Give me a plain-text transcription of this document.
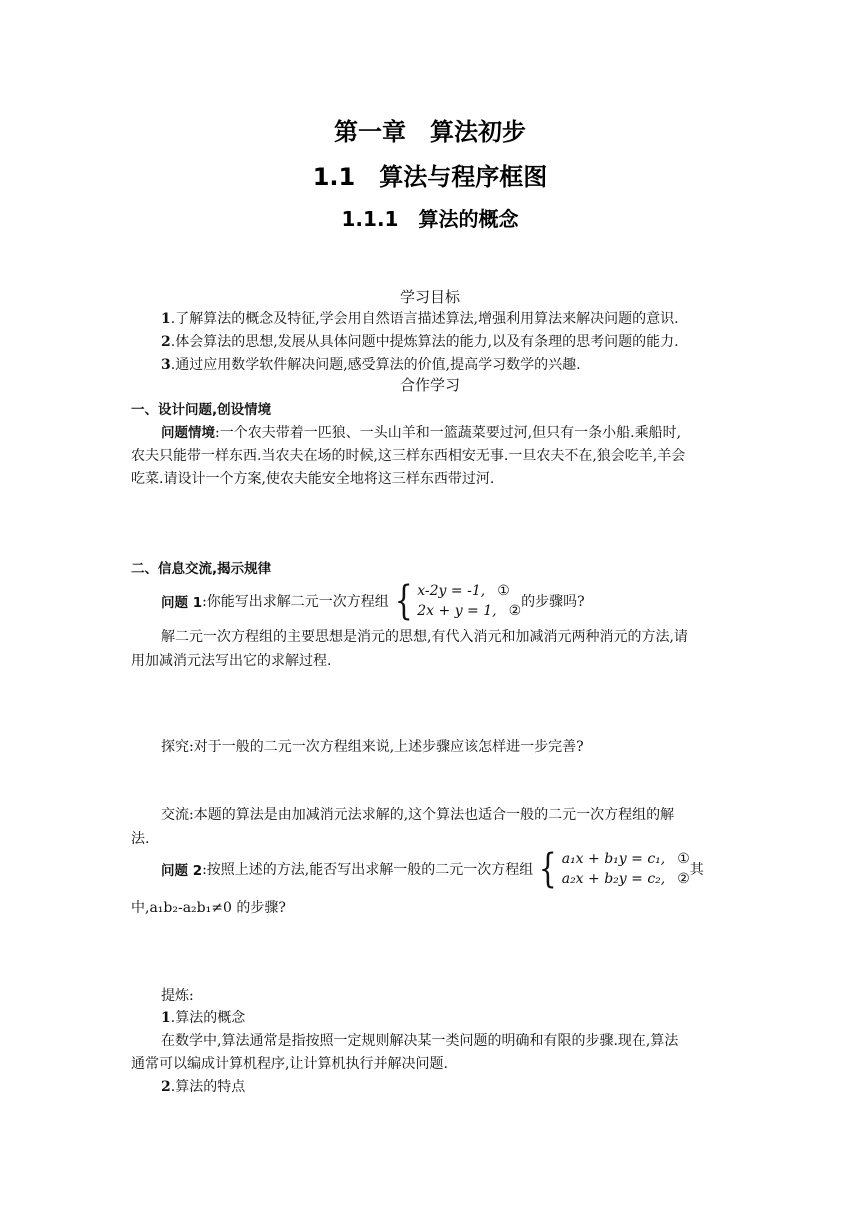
第一章　算法初步
1.1　算法与程序框图
1.1.1　算法的概念
学习目标
1.了解算法的概念及特征,学会用自然语言描述算法,增强利用算法来解决问题的意识.
2.体会算法的思想,发展从具体问题中提炼算法的能力,以及有条理的思考问题的能力.
3.通过应用数学软件解决问题,感受算法的价值,提高学习数学的兴趣.
合作学习
一、设计问题,创设情境
问题情境:一个农夫带着一匹狼、一头山羊和一篮蔬菜要过河,但只有一条小船.乘船时,
农夫只能带一样东西.当农夫在场的时候,这三样东西相安无事.一旦农夫不在,狼会吃羊,羊会
吃菜.请设计一个方案,使农夫能安全地将这三样东西带过河.
二、信息交流,揭示规律
问题 1 :你能写出求解二元一次方程组 { x-2y = -1, ①
2x + y = 1, ②
的步骤吗?
解二元一次方程组的主要思想是消元的思想,有代入消元和加减消元两种消元的方法,请
用加减消元法写出它的求解过程.
探究:对于一般的二元一次方程组来说,上述步骤应该怎样进一步完善?
交流:本题的算法是由加减消元法求解的,这个算法也适合一般的二元一次方程组的解
法.
问题 2 :按照上述的方法,能否写出求解一般的二元一次方程组 { a₁x + b₁y = c₁, ①
a₂x + b₂y = c₂, ②
其
中,a₁b₂-a₂b₁≠0 的步骤?
提炼:
1.算法的概念
在数学中,算法通常是指按照一定规则解决某一类问题的明确和有限的步骤.现在,算法
通常可以编成计算机程序,让计算机执行并解决问题.
2.算法的特点
